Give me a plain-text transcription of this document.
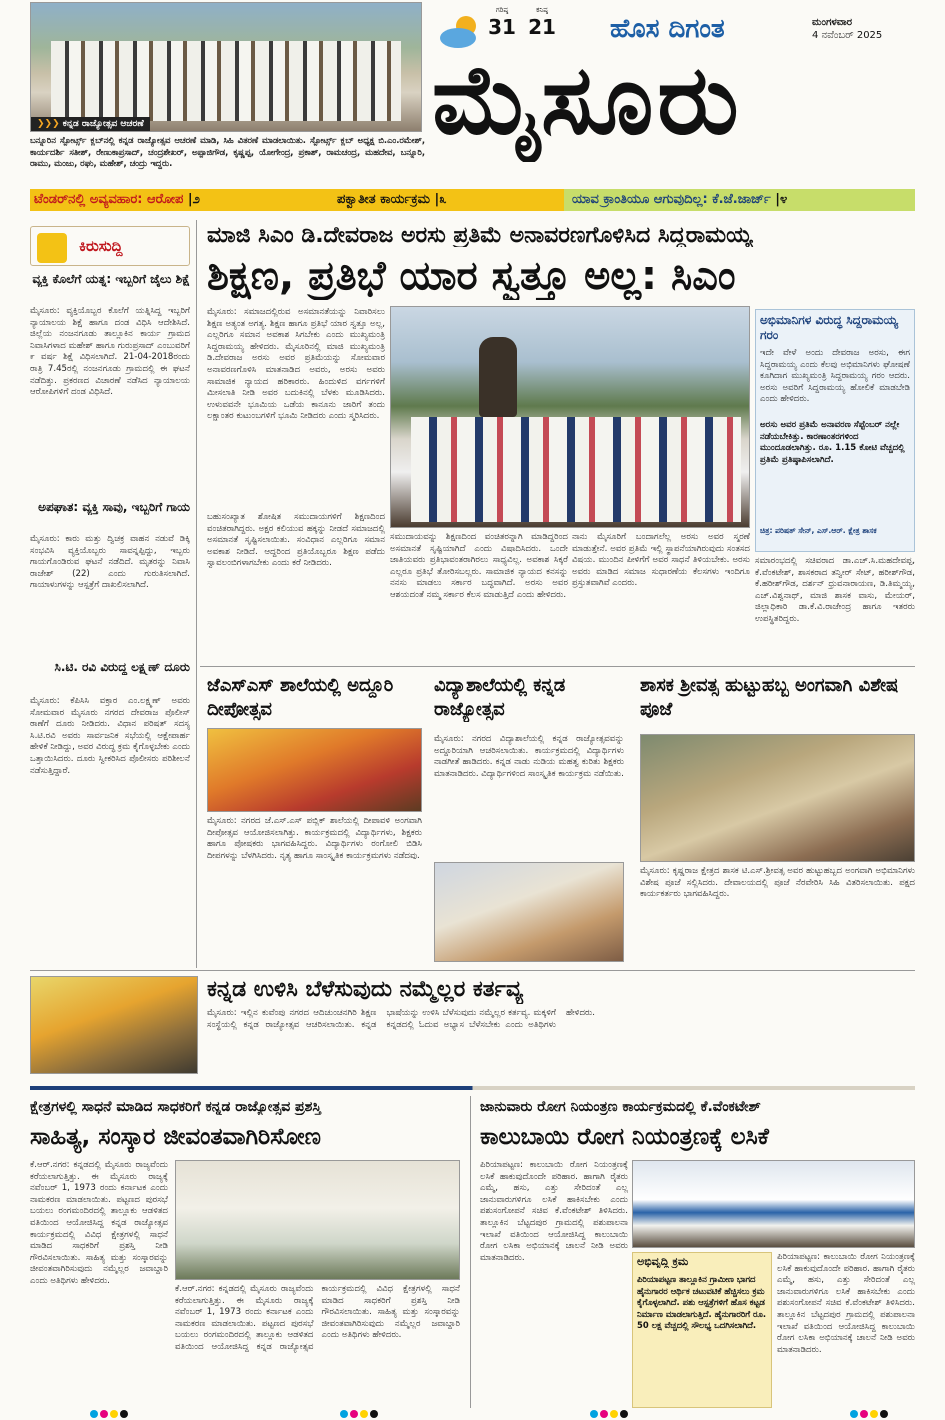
❯❯❯ ಕನ್ನಡ ರಾಜ್ಯೋತ್ಸವ ಆಚರಣೆ
ಬನ್ನೂರಿನ ಸ್ಪೋರ್ಟ್ಸ್ ಕ್ಲಬ್‌ನಲ್ಲಿ ಕನ್ನಡ ರಾಜ್ಯೋತ್ಸವ ಆಚರಣೆ ಮಾಡಿ, ಸಿಹಿ ವಿತರಣೆ ಮಾಡಲಾಯಿತು. ಸ್ಪೋರ್ಟ್ಸ್ ಕ್ಲಬ್ ಅಧ್ಯಕ್ಷ ಬಿ.ಎಂ.ರಮೇಶ್, ಕಾರ್ಯದರ್ಶಿ ಸತೀಶ್, ರೇಣುಕಾಪ್ರಸಾದ್, ಚಂದ್ರಶೇಖರ್, ಅಪ್ಪಾಜಿಗೌಡ, ಕೃಷ್ಣಪ್ಪ, ಯೋಗೇಂದ್ರ, ಪ್ರಕಾಶ್, ರಾಮಚಂದ್ರ, ಮಹದೇವ, ಬನ್ನೂರಿ, ರಾಮು, ಮಂಜು, ರಘು, ಮಹೇಶ್, ಚಂದ್ರು ಇದ್ದರು.
ಗರಿಷ್ಠ
31
ಕನಿಷ್ಠ
21 ಹೊಸ ದಿಗಂತ	ಮಂಗಳವಾರ
4 ನವೆಂಬರ್ 2025
ಮೈಸೂರು
ಟೆಂಡರ್‌ನಲ್ಲಿ ಅವ್ಯವಹಾರ: ಆರೋಪ |೨	ಪಕ್ವಾತೀತ ಕಾರ್ಯಕ್ರಮ |೩	ಯಾವ ಕ್ರಾಂತಿಯೂ ಆಗುವುದಿಲ್ಲ: ಕೆ.ಜೆ.ಜಾರ್ಜ್ |೪
ಕಿರುಸುದ್ದಿ
ವ್ಯಕ್ತಿ ಕೊಲೆಗೆ ಯತ್ನ: ಇಬ್ಬರಿಗೆ ಜೈಲು ಶಿಕ್ಷೆ
ಮೈಸೂರು: ವ್ಯಕ್ತಿಯೊಬ್ಬರ ಕೊಲೆಗೆ ಯತ್ನಿಸಿದ್ದ ಇಬ್ಬರಿಗೆ ನ್ಯಾಯಾಲಯ ಶಿಕ್ಷೆ ಹಾಗೂ ದಂಡ ವಿಧಿಸಿ ಆದೇಶಿಸಿದೆ. ಜಿಲ್ಲೆಯ ನಂಜನಗೂಡು ತಾಲ್ಲೂಕಿನ ಕಾರ್ಯ ಗ್ರಾಮದ ನಿವಾಸಿಗಳಾದ ಮಹೇಶ್ ಹಾಗೂ ಗುರುಪ್ರಸಾದ್ ಎಂಬುವರಿಗೆ ೯ ವರ್ಷ ಶಿಕ್ಷೆ ವಿಧಿಸಲಾಗಿದೆ. 21-04-2018ರಂದು ರಾತ್ರಿ 7.45ರಲ್ಲಿ ನಂಜನಗೂಡು ಗ್ರಾಮದಲ್ಲಿ ಈ ಘಟನೆ ನಡೆದಿತ್ತು. ಪ್ರಕರಣದ ವಿಚಾರಣೆ ನಡೆಸಿದ ನ್ಯಾಯಾಲಯ ಆರೋಪಿಗಳಿಗೆ ದಂಡ ವಿಧಿಸಿದೆ.
ಅಪಘಾತ: ವ್ಯಕ್ತಿ ಸಾವು, ಇಬ್ಬರಿಗೆ ಗಾಯ
ಮೈಸೂರು: ಕಾರು ಮತ್ತು ದ್ವಿಚಕ್ರ ವಾಹನ ನಡುವೆ ಡಿಕ್ಕಿ ಸಂಭವಿಸಿ ವ್ಯಕ್ತಿಯೊಬ್ಬರು ಸಾವನ್ನಪ್ಪಿದ್ದು, ಇಬ್ಬರು ಗಾಯಗೊಂಡಿರುವ ಘಟನೆ ನಡೆದಿದೆ. ಮೃತರನ್ನು ನಿವಾಸಿ ರಾಜೇಶ್ (22) ಎಂದು ಗುರುತಿಸಲಾಗಿದೆ. ಗಾಯಾಳುಗಳನ್ನು ಆಸ್ಪತ್ರೆಗೆ ದಾಖಲಿಸಲಾಗಿದೆ.
ಸಿ.ಟಿ. ರವಿ ವಿರುದ್ಧ ಲಕ್ಷ್ಮಣ್ ದೂರು
ಮೈಸೂರು: ಕೆಪಿಸಿಸಿ ವಕ್ತಾರ ಎಂ.ಲಕ್ಷ್ಮಣ್ ಅವರು ಸೋಮವಾರ ಮೈಸೂರು ನಗರದ ದೇವರಾಜ ಪೊಲೀಸ್ ಠಾಣೆಗೆ ದೂರು ನೀಡಿದರು. ವಿಧಾನ ಪರಿಷತ್ ಸದಸ್ಯ ಸಿ.ಟಿ.ರವಿ ಅವರು ಸಾರ್ವಜನಿಕ ಸಭೆಯಲ್ಲಿ ಆಕ್ಷೇಪಾರ್ಹ ಹೇಳಿಕೆ ನೀಡಿದ್ದು, ಅವರ ವಿರುದ್ಧ ಕ್ರಮ ಕೈಗೊಳ್ಳಬೇಕು ಎಂದು ಒತ್ತಾಯಿಸಿದರು. ದೂರು ಸ್ವೀಕರಿಸಿದ ಪೊಲೀಸರು ಪರಿಶೀಲನೆ ನಡೆಸುತ್ತಿದ್ದಾರೆ.
ಮಾಜಿ ಸಿಎಂ ಡಿ.ದೇವರಾಜ ಅರಸು ಪ್ರತಿಮೆ ಅನಾವರಣಗೊಳಿಸಿದ ಸಿದ್ದರಾಮಯ್ಯ
ಶಿಕ್ಷಣ, ಪ್ರತಿಭೆ ಯಾರ ಸ್ವತ್ತೂ ಅಲ್ಲ: ಸಿಎಂ
ಮೈಸೂರು: ಸಮಾಜದಲ್ಲಿರುವ ಅಸಮಾನತೆಯನ್ನು ನಿವಾರಿಸಲು ಶಿಕ್ಷಣ ಅತ್ಯಂತ ಅಗತ್ಯ. ಶಿಕ್ಷಣ ಹಾಗೂ ಪ್ರತಿಭೆ ಯಾರ ಸ್ವತ್ತೂ ಅಲ್ಲ, ಎಲ್ಲರಿಗೂ ಸಮಾನ ಅವಕಾಶ ಸಿಗಬೇಕು ಎಂದು ಮುಖ್ಯಮಂತ್ರಿ ಸಿದ್ದರಾಮಯ್ಯ ಹೇಳಿದರು. ಮೈಸೂರಿನಲ್ಲಿ ಮಾಜಿ ಮುಖ್ಯಮಂತ್ರಿ ಡಿ.ದೇವರಾಜ ಅರಸು ಅವರ ಪ್ರತಿಮೆಯನ್ನು ಸೋಮವಾರ ಅನಾವರಣಗೊಳಿಸಿ ಮಾತನಾಡಿದ ಅವರು, ಅರಸು ಅವರು ಸಾಮಾಜಿಕ ನ್ಯಾಯದ ಹರಿಕಾರರು. ಹಿಂದುಳಿದ ವರ್ಗಗಳಿಗೆ ಮೀಸಲಾತಿ ನೀಡಿ ಅವರ ಬದುಕಿನಲ್ಲಿ ಬೆಳಕು ಮೂಡಿಸಿದರು. ಉಳುವವನೇ ಭೂಮಿಯ ಒಡೆಯ ಕಾನೂನು ಜಾರಿಗೆ ತಂದು ಲಕ್ಷಾಂತರ ಕುಟುಂಬಗಳಿಗೆ ಭೂಮಿ ನೀಡಿದರು ಎಂದು ಸ್ಮರಿಸಿದರು.
ಬಹುಸಂಖ್ಯಾತ ಶೋಷಿತ ಸಮುದಾಯಗಳಿಗೆ ಶಿಕ್ಷಣದಿಂದ ವಂಚಿತರಾಗಿದ್ದರು. ಅಕ್ಷರ ಕಲಿಯುವ ಹಕ್ಕನ್ನು ನೀಡದೆ ಸಮಾಜದಲ್ಲಿ ಅಸಮಾನತೆ ಸೃಷ್ಟಿಸಲಾಯಿತು. ಸಂವಿಧಾನ ಎಲ್ಲರಿಗೂ ಸಮಾನ ಅವಕಾಶ ನೀಡಿದೆ. ಆದ್ದರಿಂದ ಪ್ರತಿಯೊಬ್ಬರೂ ಶಿಕ್ಷಣ ಪಡೆದು ಸ್ವಾವಲಂಬಿಗಳಾಗಬೇಕು ಎಂದು ಕರೆ ನೀಡಿದರು.
ಸಮುದಾಯವನ್ನು ಶಿಕ್ಷಣದಿಂದ ವಂಚಿತರನ್ನಾಗಿ ಮಾಡಿದ್ದರಿಂದ ಅಸಮಾನತೆ ಸೃಷ್ಟಿಯಾಗಿದೆ ಎಂದು ವಿಷಾದಿಸಿದರು. ಒಂದೇ ಜಾತಿಯವರು ಪ್ರತಿಭಾವಂತರಾಗಿರಲು ಸಾಧ್ಯವಿಲ್ಲ. ಅವಕಾಶ ಸಿಕ್ಕರೆ ಎಲ್ಲರೂ ಪ್ರತಿಭೆ ತೋರಿಸಬಲ್ಲರು. ಸಾಮಾಜಿಕ ನ್ಯಾಯದ ಕನಸನ್ನು ನನಸು ಮಾಡಲು ಸರ್ಕಾರ ಬದ್ಧವಾಗಿದೆ. ಅರಸು ಅವರ ಆಶಯದಂತೆ ನಮ್ಮ ಸರ್ಕಾರ ಕೆಲಸ ಮಾಡುತ್ತಿದೆ ಎಂದು ಹೇಳಿದರು.
ನಾನು ಮೈಸೂರಿಗೆ ಬಂದಾಗಲೆಲ್ಲ ಅರಸು ಅವರ ಸ್ಮರಣೆ ಮಾಡುತ್ತೇನೆ. ಅವರ ಪ್ರತಿಮೆ ಇಲ್ಲಿ ಸ್ಥಾಪನೆಯಾಗಿರುವುದು ಸಂತಸದ ವಿಷಯ. ಮುಂದಿನ ಪೀಳಿಗೆಗೆ ಅವರ ಸಾಧನೆ ತಿಳಿಯಬೇಕು. ಅರಸು ಅವರು ಮಾಡಿದ ಸಮಾಜ ಸುಧಾರಣೆಯ ಕೆಲಸಗಳು ಇಂದಿಗೂ ಪ್ರಸ್ತುತವಾಗಿವೆ ಎಂದರು.
ಸಮಾರಂಭದಲ್ಲಿ ಸಚಿವರಾದ ಡಾ.ಎಚ್.ಸಿ.ಮಹದೇವಪ್ಪ, ಕೆ.ವೆಂಕಟೇಶ್, ಶಾಸಕರಾದ ತನ್ವೀರ್ ಸೇಟ್, ಹರೀಶ್‌ಗೌಡ, ಕೆ.ಹರೀಶ್‌ಗೌಡ, ದರ್ಶನ್ ಧ್ರುವನಾರಾಯಣ, ಡಿ.ತಿಮ್ಮಯ್ಯ, ಎಚ್.ವಿಶ್ವನಾಥ್, ಮಾಜಿ ಶಾಸಕ ವಾಸು, ಮೇಯರ್, ಜಿಲ್ಲಾಧಿಕಾರಿ ಡಾ.ಕೆ.ವಿ.ರಾಜೇಂದ್ರ ಹಾಗೂ ಇತರರು ಉಪಸ್ಥಿತರಿದ್ದರು.
ಅಭಿಮಾನಿಗಳ ವಿರುದ್ಧ ಸಿದ್ದರಾಮಯ್ಯ ಗರಂ
ಇದೇ ವೇಳೆ ಅಂದು ದೇವರಾಜ ಅರಸು, ಈಗ ಸಿದ್ದರಾಮಯ್ಯ ಎಂದು ಕೆಲವು ಅಭಿಮಾನಿಗಳು ಘೋಷಣೆ ಕೂಗಿದಾಗ ಮುಖ್ಯಮಂತ್ರಿ ಸಿದ್ದರಾಮಯ್ಯ ಗರಂ ಆದರು. ಅರಸು ಅವರಿಗೆ ಸಿದ್ದರಾಮಯ್ಯ ಹೋಲಿಕೆ ಮಾಡಬೇಡಿ ಎಂದು ಹೇಳಿದರು.
ಅರಸು ಅವರ ಪ್ರತಿಮೆ ಅನಾವರಣ ಸೆಪ್ಟೆಂಬರ್ ನಲ್ಲೇ ನಡೆಯಬೇಕಿತ್ತು. ಕಾರಣಾಂತರಗಳಿಂದ ಮುಂದೂಡಲಾಗಿತ್ತು. ರೂ. 1.15 ಕೋಟಿ ವೆಚ್ಚದಲ್ಲಿ ಪ್ರತಿಮೆ ಪ್ರತಿಷ್ಠಾಪಿಸಲಾಗಿದೆ.
ಚಿತ್ರ: ಪರಿಷತ್ ಸೇನ್, ಎಸ್.ಆರ್. ಕ್ಷೇತ್ರ ಶಾಸಕ
ಜೆಎಸ್‌ಎಸ್ ಶಾಲೆಯಲ್ಲಿ ಅದ್ದೂರಿ ದೀಪೋತ್ಸವ
ಮೈಸೂರು: ನಗರದ ಜೆ.ಎಸ್.ಎಸ್ ಪಬ್ಲಿಕ್ ಶಾಲೆಯಲ್ಲಿ ದೀಪಾವಳಿ ಅಂಗವಾಗಿ ದೀಪೋತ್ಸವ ಆಯೋಜಿಸಲಾಗಿತ್ತು. ಕಾರ್ಯಕ್ರಮದಲ್ಲಿ ವಿದ್ಯಾರ್ಥಿಗಳು, ಶಿಕ್ಷಕರು ಹಾಗೂ ಪೋಷಕರು ಭಾಗವಹಿಸಿದ್ದರು. ವಿದ್ಯಾರ್ಥಿಗಳು ರಂಗೋಲಿ ಬಿಡಿಸಿ ದೀಪಗಳನ್ನು ಬೆಳಗಿಸಿದರು. ನೃತ್ಯ ಹಾಗೂ ಸಾಂಸ್ಕೃತಿಕ ಕಾರ್ಯಕ್ರಮಗಳು ನಡೆದವು.
ವಿದ್ಯಾಶಾಲೆಯಲ್ಲಿ ಕನ್ನಡ ರಾಜ್ಯೋತ್ಸವ
ಮೈಸೂರು: ನಗರದ ವಿದ್ಯಾಶಾಲೆಯಲ್ಲಿ ಕನ್ನಡ ರಾಜ್ಯೋತ್ಸವವನ್ನು ಅದ್ದೂರಿಯಾಗಿ ಆಚರಿಸಲಾಯಿತು. ಕಾರ್ಯಕ್ರಮದಲ್ಲಿ ವಿದ್ಯಾರ್ಥಿಗಳು ನಾಡಗೀತೆ ಹಾಡಿದರು. ಕನ್ನಡ ನಾಡು ನುಡಿಯ ಮಹತ್ವ ಕುರಿತು ಶಿಕ್ಷಕರು ಮಾತನಾಡಿದರು. ವಿದ್ಯಾರ್ಥಿಗಳಿಂದ ಸಾಂಸ್ಕೃತಿಕ ಕಾರ್ಯಕ್ರಮ ನಡೆಯಿತು.
ಶಾಸಕ ಶ್ರೀವತ್ಸ ಹುಟ್ಟುಹಬ್ಬ ಅಂಗವಾಗಿ ವಿಶೇಷ ಪೂಜೆ
ಮೈಸೂರು: ಕೃಷ್ಣರಾಜ ಕ್ಷೇತ್ರದ ಶಾಸಕ ಟಿ.ಎಸ್.ಶ್ರೀವತ್ಸ ಅವರ ಹುಟ್ಟುಹಬ್ಬದ ಅಂಗವಾಗಿ ಅಭಿಮಾನಿಗಳು ವಿಶೇಷ ಪೂಜೆ ಸಲ್ಲಿಸಿದರು. ದೇವಾಲಯದಲ್ಲಿ ಪೂಜೆ ನೆರವೇರಿಸಿ ಸಿಹಿ ವಿತರಿಸಲಾಯಿತು. ಪಕ್ಷದ ಕಾರ್ಯಕರ್ತರು ಭಾಗವಹಿಸಿದ್ದರು.
ಕನ್ನಡ ಉಳಿಸಿ ಬೆಳೆಸುವುದು ನಮ್ಮೆಲ್ಲರ ಕರ್ತವ್ಯ
ಮೈಸೂರು: ಇಲ್ಲಿನ ಕುವೆಂಪು ನಗರದ ಆದಿಚುಂಚನಗಿರಿ ಶಿಕ್ಷಣ ಸಂಸ್ಥೆಯಲ್ಲಿ ಕನ್ನಡ ರಾಜ್ಯೋತ್ಸವ ಆಚರಿಸಲಾಯಿತು. ಕನ್ನಡ ಭಾಷೆಯನ್ನು ಉಳಿಸಿ ಬೆಳೆಸುವುದು ನಮ್ಮೆಲ್ಲರ ಕರ್ತವ್ಯ. ಮಕ್ಕಳಿಗೆ ಕನ್ನಡದಲ್ಲಿ ಓದುವ ಅಭ್ಯಾಸ ಬೆಳೆಸಬೇಕು ಎಂದು ಅತಿಥಿಗಳು ಹೇಳಿದರು.
ಕ್ಷೇತ್ರಗಳಲ್ಲಿ ಸಾಧನೆ ಮಾಡಿದ ಸಾಧಕರಿಗೆ ಕನ್ನಡ ರಾಜ್ಯೋತ್ಸವ ಪ್ರಶಸ್ತಿ
ಸಾಹಿತ್ಯ, ಸಂಸ್ಕಾರ ಜೀವಂತವಾಗಿರಿಸೋಣ
ಕೆ.ಆರ್.ನಗರ: ಕನ್ನಡದಲ್ಲಿ ಮೈಸೂರು ರಾಜ್ಯವೆಂದು ಕರೆಯಲಾಗುತ್ತಿತ್ತು. ಈ ಮೈಸೂರು ರಾಜ್ಯಕ್ಕೆ ನವೆಂಬರ್ 1, 1973 ರಂದು ಕರ್ನಾಟಕ ಎಂದು ನಾಮಕರಣ ಮಾಡಲಾಯಿತು. ಪಟ್ಟಣದ ಪುರಸಭೆ ಬಯಲು ರಂಗಮಂದಿರದಲ್ಲಿ ತಾಲ್ಲೂಕು ಆಡಳಿತದ ವತಿಯಿಂದ ಆಯೋಜಿಸಿದ್ದ ಕನ್ನಡ ರಾಜ್ಯೋತ್ಸವ ಕಾರ್ಯಕ್ರಮದಲ್ಲಿ ವಿವಿಧ ಕ್ಷೇತ್ರಗಳಲ್ಲಿ ಸಾಧನೆ ಮಾಡಿದ ಸಾಧಕರಿಗೆ ಪ್ರಶಸ್ತಿ ನೀಡಿ ಗೌರವಿಸಲಾಯಿತು. ಸಾಹಿತ್ಯ ಮತ್ತು ಸಂಸ್ಕಾರವನ್ನು ಜೀವಂತವಾಗಿರಿಸುವುದು ನಮ್ಮೆಲ್ಲರ ಜವಾಬ್ದಾರಿ ಎಂದು ಅತಿಥಿಗಳು ಹೇಳಿದರು.
ಕೆ.ಆರ್.ನಗರ: ಕನ್ನಡದಲ್ಲಿ ಮೈಸೂರು ರಾಜ್ಯವೆಂದು ಕರೆಯಲಾಗುತ್ತಿತ್ತು. ಈ ಮೈಸೂರು ರಾಜ್ಯಕ್ಕೆ ನವೆಂಬರ್ 1, 1973 ರಂದು ಕರ್ನಾಟಕ ಎಂದು ನಾಮಕರಣ ಮಾಡಲಾಯಿತು. ಪಟ್ಟಣದ ಪುರಸಭೆ ಬಯಲು ರಂಗಮಂದಿರದಲ್ಲಿ ತಾಲ್ಲೂಕು ಆಡಳಿತದ ವತಿಯಿಂದ ಆಯೋಜಿಸಿದ್ದ ಕನ್ನಡ ರಾಜ್ಯೋತ್ಸವ ಕಾರ್ಯಕ್ರಮದಲ್ಲಿ ವಿವಿಧ ಕ್ಷೇತ್ರಗಳಲ್ಲಿ ಸಾಧನೆ ಮಾಡಿದ ಸಾಧಕರಿಗೆ ಪ್ರಶಸ್ತಿ ನೀಡಿ ಗೌರವಿಸಲಾಯಿತು. ಸಾಹಿತ್ಯ ಮತ್ತು ಸಂಸ್ಕಾರವನ್ನು ಜೀವಂತವಾಗಿರಿಸುವುದು ನಮ್ಮೆಲ್ಲರ ಜವಾಬ್ದಾರಿ ಎಂದು ಅತಿಥಿಗಳು ಹೇಳಿದರು.
ಜಾನುವಾರು ರೋಗ ನಿಯಂತ್ರಣ ಕಾರ್ಯಕ್ರಮದಲ್ಲಿ ಕೆ.ವೆಂಕಟೇಶ್
ಕಾಲುಬಾಯಿ ರೋಗ ನಿಯಂತ್ರಣಕ್ಕೆ ಲಸಿಕೆ
ಪಿರಿಯಾಪಟ್ಟಣ: ಕಾಲುಬಾಯಿ ರೋಗ ನಿಯಂತ್ರಣಕ್ಕೆ ಲಸಿಕೆ ಹಾಕುವುದೊಂದೇ ಪರಿಹಾರ. ಹಾಗಾಗಿ ರೈತರು ಎಮ್ಮೆ, ಹಸು, ಎತ್ತು ಸೇರಿದಂತೆ ಎಲ್ಲ ಜಾನುವಾರುಗಳಿಗೂ ಲಸಿಕೆ ಹಾಕಿಸಬೇಕು ಎಂದು ಪಶುಸಂಗೋಪನೆ ಸಚಿವ ಕೆ.ವೆಂಕಟೇಶ್ ತಿಳಿಸಿದರು. ತಾಲ್ಲೂಕಿನ ಬೆಟ್ಟದಪುರ ಗ್ರಾಮದಲ್ಲಿ ಪಶುಪಾಲನಾ ಇಲಾಖೆ ವತಿಯಿಂದ ಆಯೋಜಿಸಿದ್ದ ಕಾಲುಬಾಯಿ ರೋಗ ಲಸಿಕಾ ಅಭಿಯಾನಕ್ಕೆ ಚಾಲನೆ ನೀಡಿ ಅವರು ಮಾತನಾಡಿದರು.	ಅಭಿವೃದ್ಧಿ ಕ್ರಮ
ಪಿರಿಯಾಪಟ್ಟಣ ತಾಲ್ಲೂಕಿನ ಗ್ರಾಮೀಣ ಭಾಗದ ಹೈನುಗಾರರ ಆರ್ಥಿಕ ಚಟುವಟಿಕೆ ಹೆಚ್ಚಿಸಲು ಕ್ರಮ ಕೈಗೊಳ್ಳಲಾಗಿದೆ. ಪಶು ಆಸ್ಪತ್ರೆಗಳಿಗೆ ಹೊಸ ಕಟ್ಟಡ ನಿರ್ಮಾಣ ಮಾಡಲಾಗುತ್ತಿದೆ. ಹೈನುಗಾರರಿಗೆ ರೂ. 50 ಲಕ್ಷ ವೆಚ್ಚದಲ್ಲಿ ಸೌಲಭ್ಯ ಒದಗಿಸಲಾಗಿದೆ.
ಪಿರಿಯಾಪಟ್ಟಣ: ಕಾಲುಬಾಯಿ ರೋಗ ನಿಯಂತ್ರಣಕ್ಕೆ ಲಸಿಕೆ ಹಾಕುವುದೊಂದೇ ಪರಿಹಾರ. ಹಾಗಾಗಿ ರೈತರು ಎಮ್ಮೆ, ಹಸು, ಎತ್ತು ಸೇರಿದಂತೆ ಎಲ್ಲ ಜಾನುವಾರುಗಳಿಗೂ ಲಸಿಕೆ ಹಾಕಿಸಬೇಕು ಎಂದು ಪಶುಸಂಗೋಪನೆ ಸಚಿವ ಕೆ.ವೆಂಕಟೇಶ್ ತಿಳಿಸಿದರು. ತಾಲ್ಲೂಕಿನ ಬೆಟ್ಟದಪುರ ಗ್ರಾಮದಲ್ಲಿ ಪಶುಪಾಲನಾ ಇಲಾಖೆ ವತಿಯಿಂದ ಆಯೋಜಿಸಿದ್ದ ಕಾಲುಬಾಯಿ ರೋಗ ಲಸಿಕಾ ಅಭಿಯಾನಕ್ಕೆ ಚಾಲನೆ ನೀಡಿ ಅವರು ಮಾತನಾಡಿದರು.
